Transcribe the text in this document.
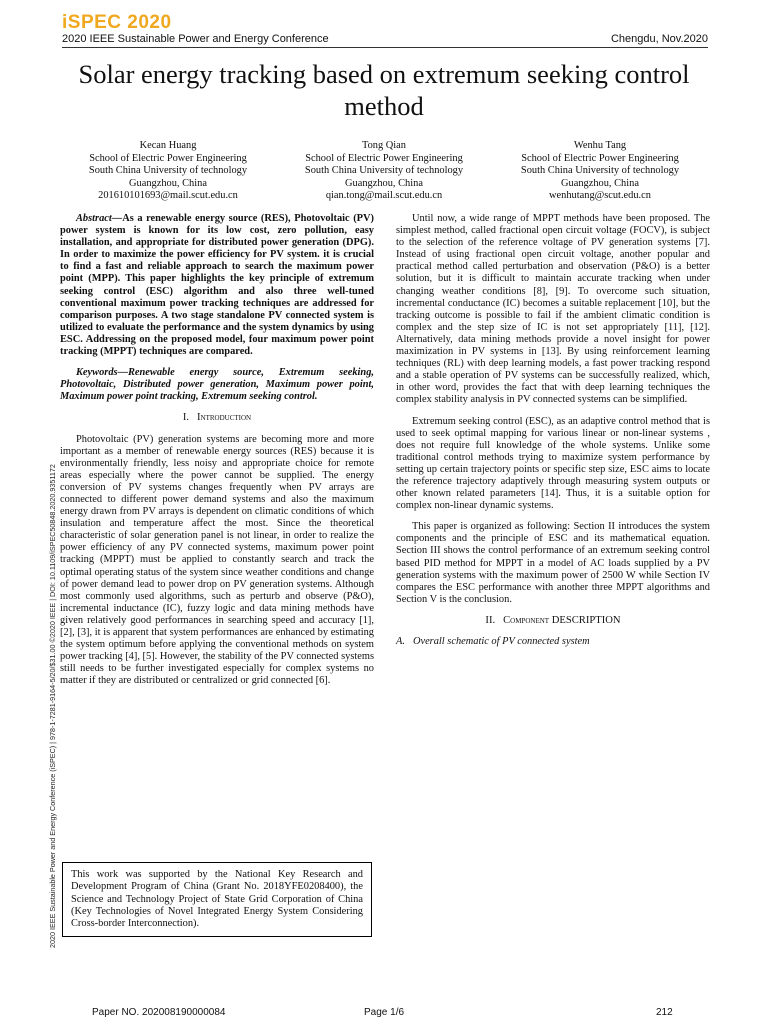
iSPEC 2020
2020 IEEE Sustainable Power and Energy Conference	Chengdu, Nov.2020
Solar energy tracking based on extremum seeking control method
Kecan Huang
School of Electric Power Engineering
South China University of technology
Guangzhou, China
201610101693@mail.scut.edu.cn
Tong Qian
School of Electric Power Engineering
South China University of technology
Guangzhou, China
qian.tong@mail.scut.edu.cn
Wenhu Tang
School of Electric Power Engineering
South China University of technology
Guangzhou, China
wenhutang@scut.edu.cn

Abstract—As a renewable energy source (RES), Photovoltaic (PV) power system is known for its low cost, zero pollution, easy installation, and appropriate for distributed power generation (DPG). In order to maximize the power efficiency for PV system. it is crucial to find a fast and reliable approach to search the maximum power point (MPP). This paper highlights the key principle of extremum seeking control (ESC) algorithm and also three well-tuned conventional maximum power tracking techniques are addressed for comparison purposes. A two stage standalone PV connected system is utilized to evaluate the performance and the system dynamics by using ESC. Addressing on the proposed model, four maximum power point tracking (MPPT) techniques are compared.

Keywords—Renewable energy source, Extremum seeking, Photovoltaic, Distributed power generation, Maximum power point, Maximum power point tracking, Extremum seeking control.

I. Introduction

Photovoltaic (PV) generation systems are becoming more and more important as a member of renewable energy sources (RES) because it is environmentally friendly, less noisy and appropriate choice for remote areas especially where the power cannot be supplied. The energy conversion of PV systems changes frequently when PV arrays are connected to different power demand systems and also the maximum energy drawn from PV arrays is dependent on climatic conditions of which insulation and temperature affect the most. Since the theoretical characteristic of solar generation panel is not linear, in order to realize the power efficiency of any PV connected systems, maximum power point tracking (MPPT) must be applied to constantly search and track the optimal operating status of the system since weather conditions and change of power demand lead to power drop on PV generation systems. Although most commonly used algorithms, such as perturb and observe (P&O), incremental inductance (IC), fuzzy logic and data mining methods have given relatively good performances in searching speed and accuracy [1], [2], [3], it is apparent that system performances are enhanced by estimating the system optimum before applying the conventional methods on system power tracking [4], [5]. However, the stability of the PV connected systems still needs to be further investigated especially for complex systems no matter if they are distributed or centralized or grid connected [6].

Until now, a wide range of MPPT methods have been proposed. The simplest method, called fractional open circuit voltage (FOCV), is subject to the selection of the reference voltage of PV generation systems [7]. Instead of using fractional open circuit voltage, another popular and practical method called perturbation and observation (P&O) is a better solution, but it is difficult to maintain accurate tracking when under changing weather conditions [8], [9]. To overcome such situation, incremental conductance (IC) becomes a suitable replacement [10], but the tracking outcome is possible to fail if the ambient climatic condition is complex and the step size of IC is not set appropriately [11], [12]. Alternatively, data mining methods provide a novel insight for power maximization in PV systems in [13]. By using reinforcement learning techniques (RL) with deep learning models, a fast power tracking respond and a stable operation of PV systems can be successfully realized, which, in other word, provides the fact that with deep learning techniques the complex stability analysis in PV connected systems can be simplified.

Extremum seeking control (ESC), as an adaptive control method that is used to seek optimal mapping for various linear or non-linear systems , does not require full knowledge of the whole systems. Unlike some traditional control methods trying to maximize system performance by setting up certain trajectory points or specific step size, ESC aims to locate the reference trajectory adaptively through measuring system outputs or other known related parameters [14]. Thus, it is a suitable option for complex non-linear dynamic systems.

This paper is organized as following: Section II introduces the system components and the principle of ESC and its mathematical equation. Section III shows the control performance of an extremum seeking control based PID method for MPPT in a model of AC loads supplied by a PV generation systems with the maximum power of 2500 W while Section IV compares the ESC performance with another three MPPT algorithms and Section V is the conclusion.

II. Component DESCRIPTION

A. Overall schematic of PV connected system

This work was supported by the National Key Research and Development Program of China (Grant No. 2018YFE0208400), the Science and Technology Project of State Grid Corporation of China (Key Technologies of Novel Integrated Energy System Considering Cross-border Interconnection).
2020 IEEE Sustainable Power and Energy Conference (iSPEC) | 978-1-7281-9164-5/20/$31.00 ©2020 IEEE | DOI: 10.1109/iSPEC50848.2020.9351172
Paper NO. 202008190000084	Page 1/6	212
